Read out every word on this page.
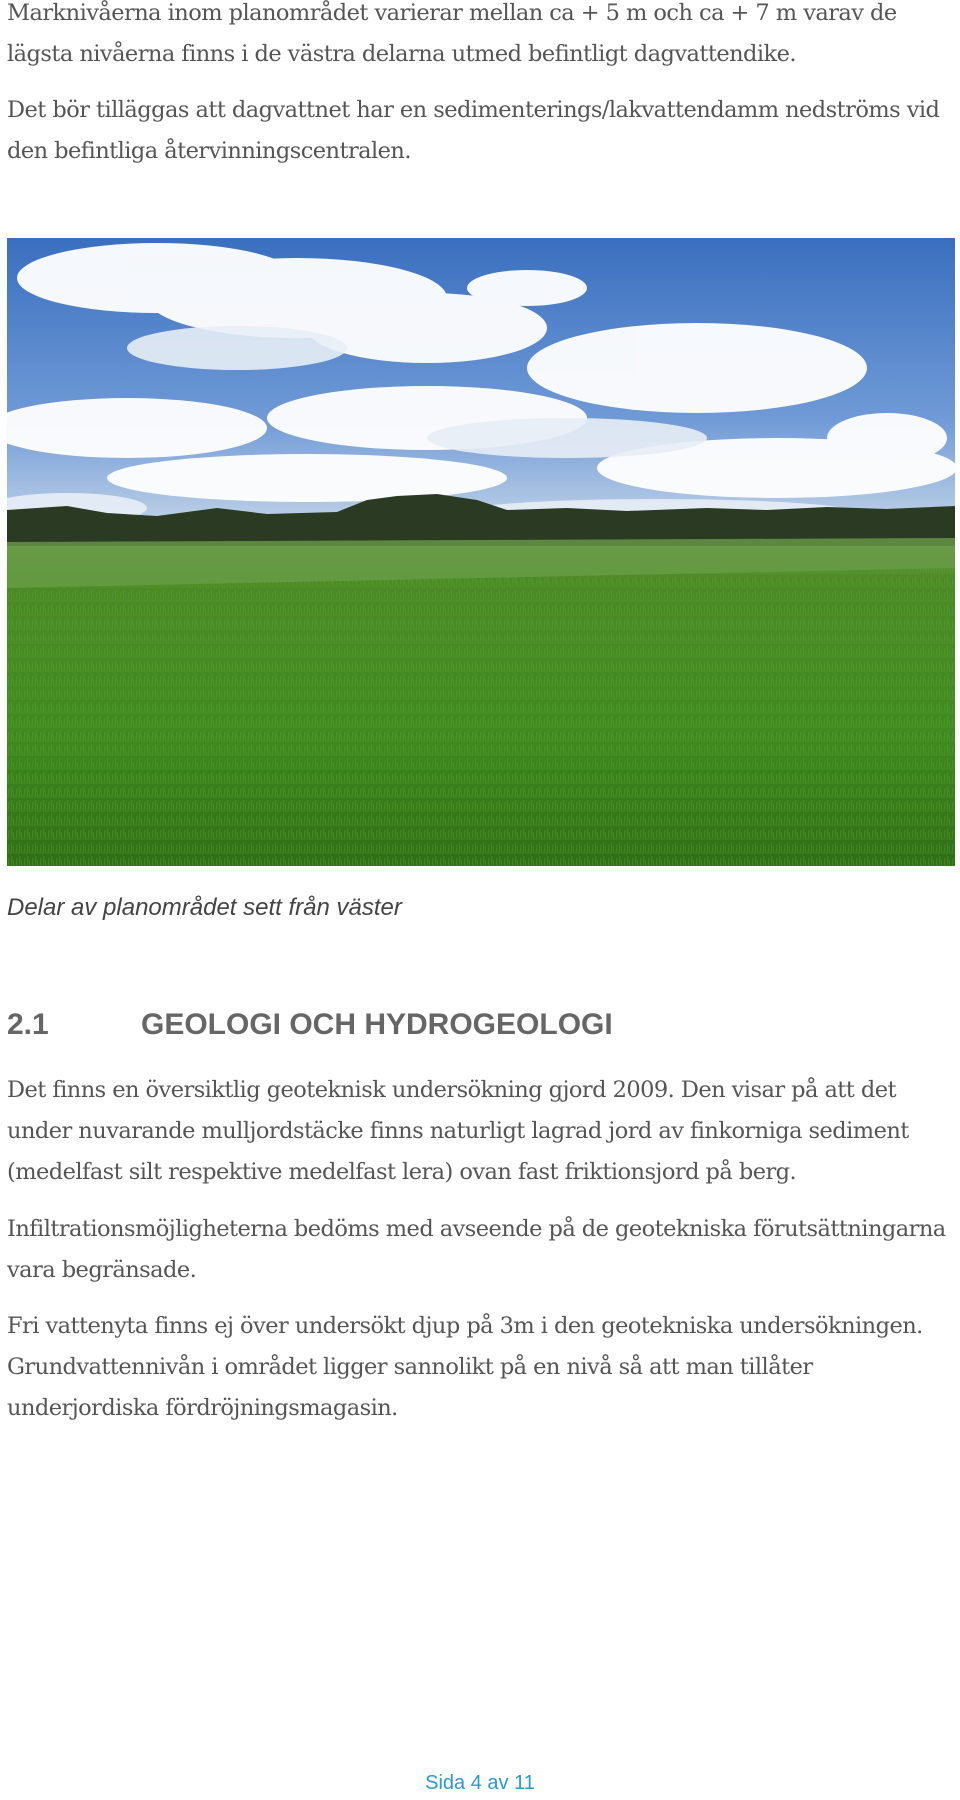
Marknivåerna inom planområdet varierar mellan ca + 5 m och ca + 7 m varav de lägsta nivåerna finns i de västra delarna utmed befintligt dagvattendike.

Det bör tilläggas att dagvattnet har en sedimenterings/lakvattendamm nedströms vid den befintliga återvinningscentralen.

Delar av planområdet sett från väster

2.1	GEOLOGI OCH HYDROGEOLOGI

Det finns en översiktlig geoteknisk undersökning gjord 2009. Den visar på att det under nuvarande mulljordstäcke finns naturligt lagrad jord av finkorniga sediment (medelfast silt respektive medelfast lera) ovan fast friktionsjord på berg.

Infiltrationsmöjligheterna bedöms med avseende på de geotekniska förutsättningarna vara begränsade.

Fri vattenyta finns ej över undersökt djup på 3m i den geotekniska undersökningen. Grundvattennivån i området ligger sannolikt på en nivå så att man tillåter underjordiska fördröjningsmagasin.

Sida 4 av 11
